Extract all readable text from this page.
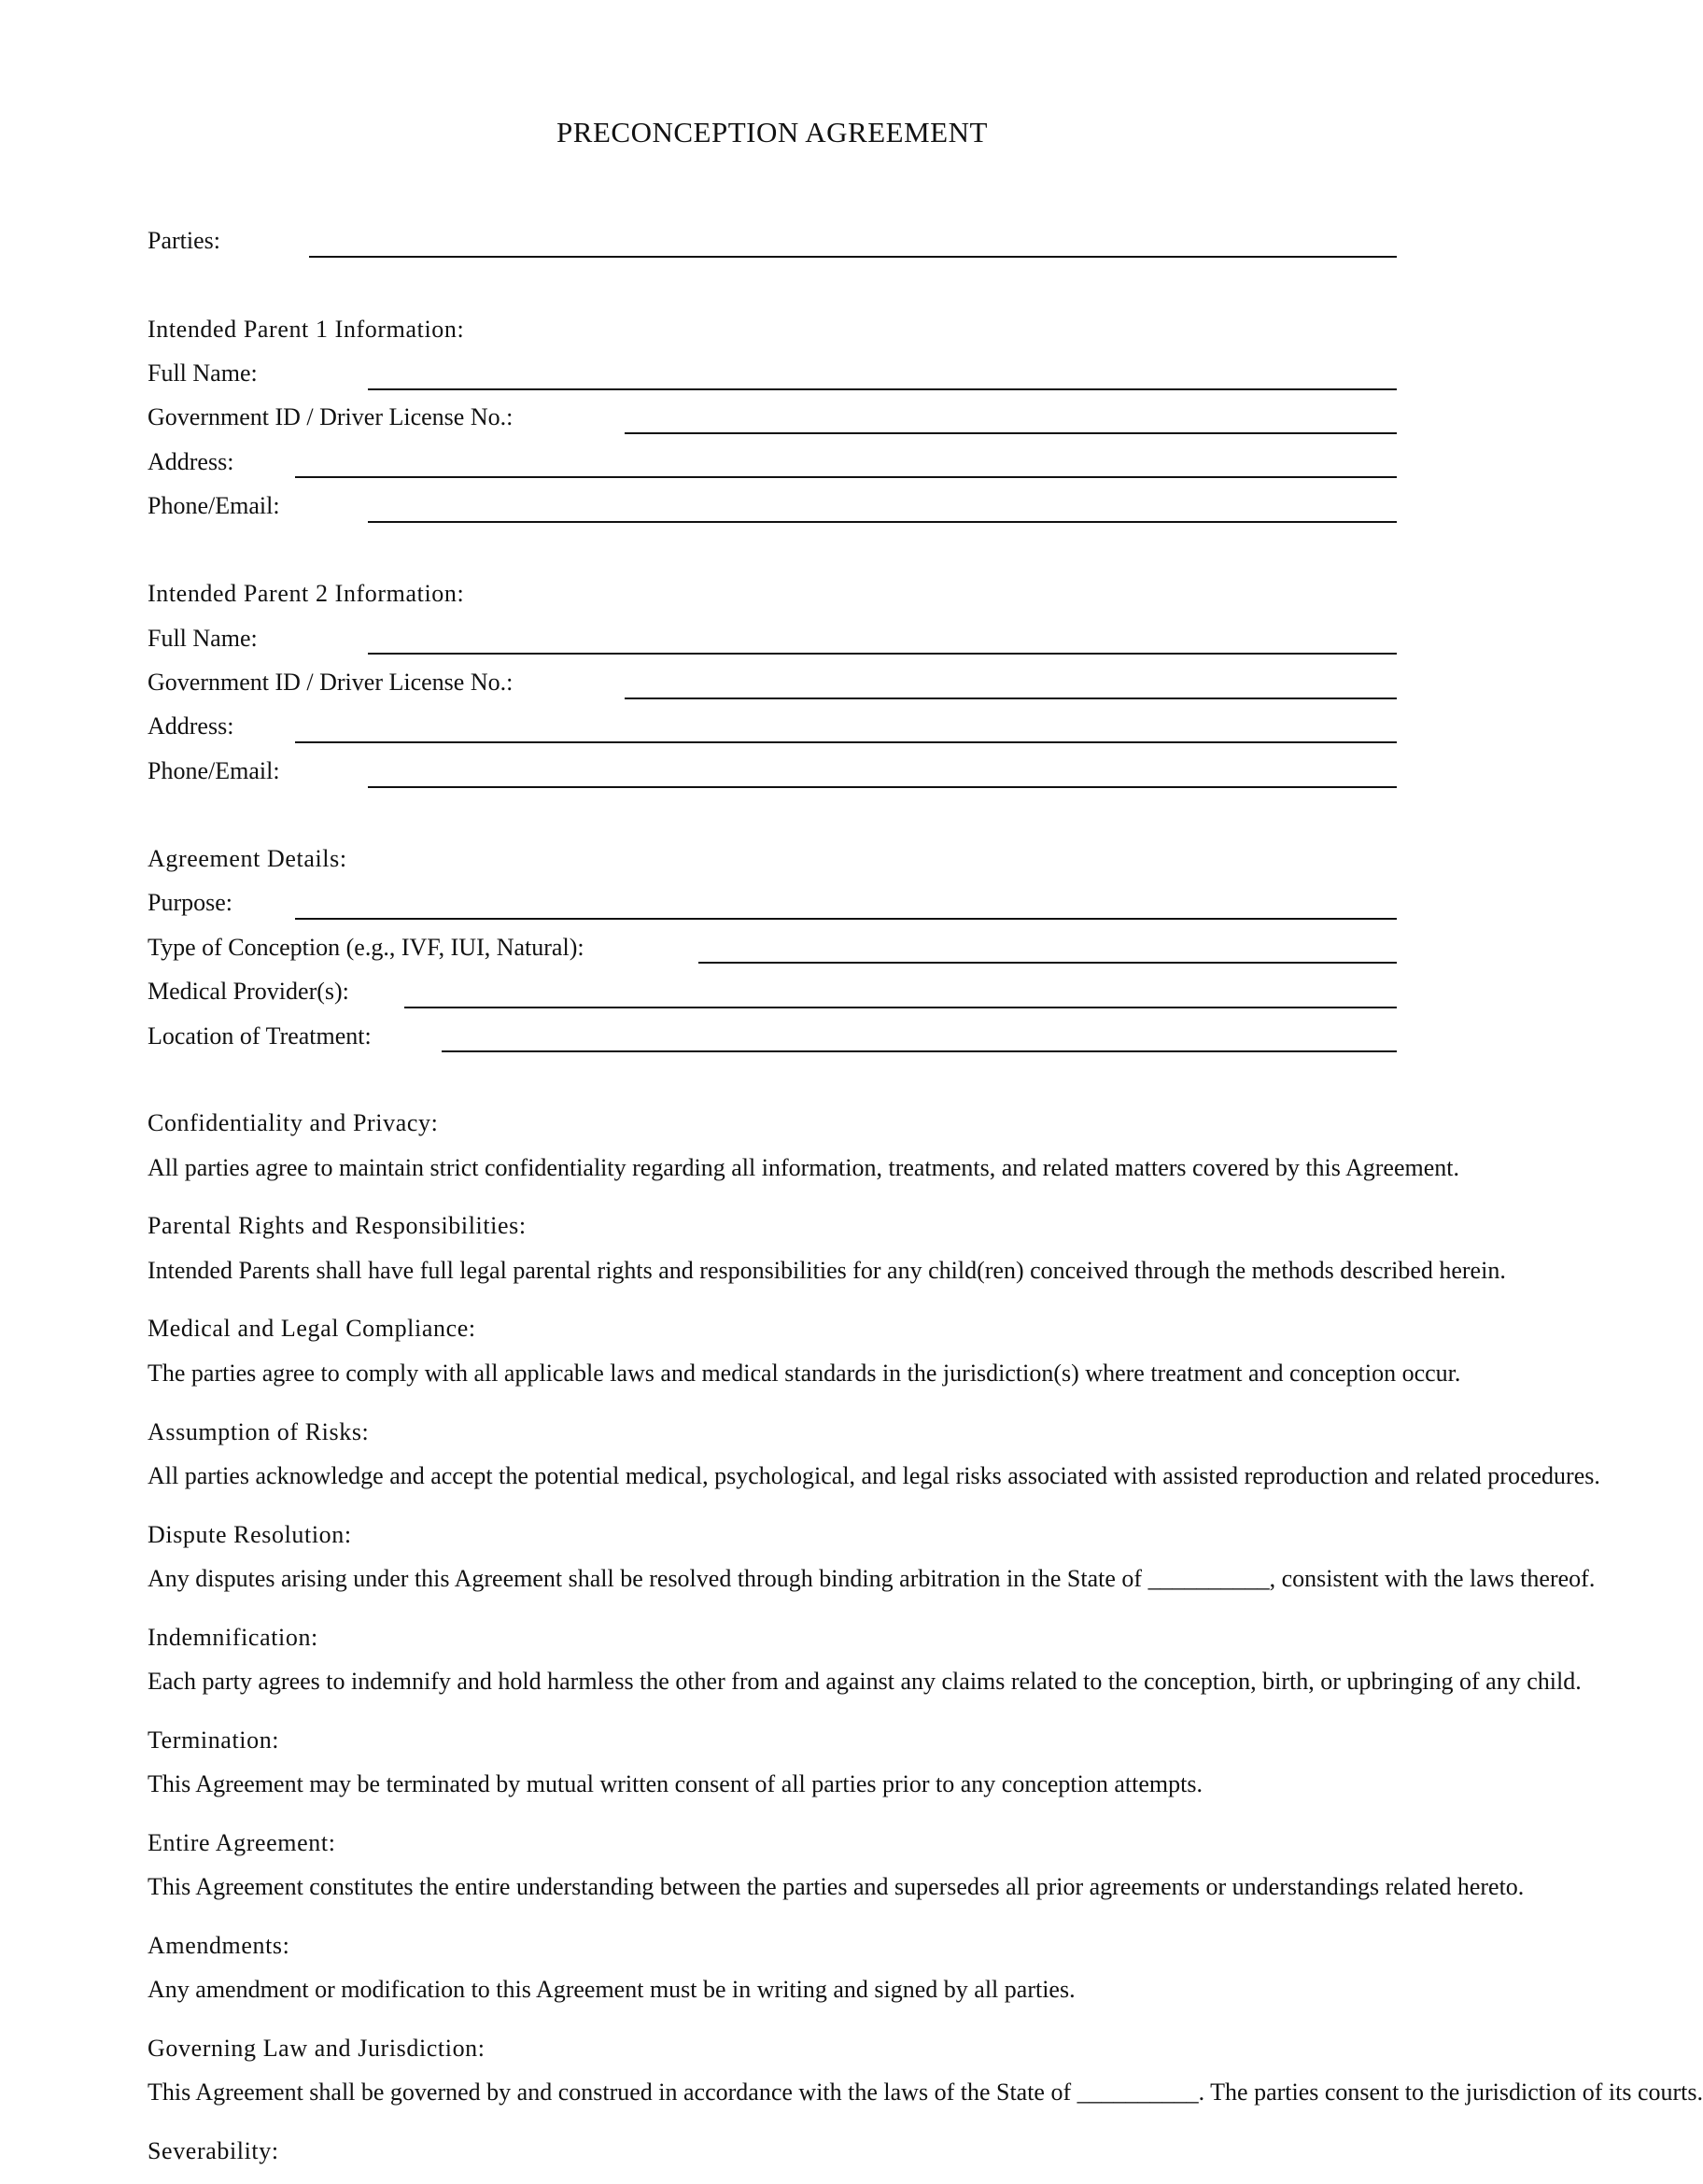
PRECONCEPTION AGREEMENT
Parties:
Intended Parent 1 Information:
Full Name:
Government ID / Driver License No.:
Address:
Phone/Email:
Intended Parent 2 Information:
Full Name:
Government ID / Driver License No.:
Address:
Phone/Email:
Agreement Details:
Purpose:
Type of Conception (e.g., IVF, IUI, Natural):
Medical Provider(s):
Location of Treatment:
Confidentiality and Privacy:
All parties agree to maintain strict confidentiality regarding all information, treatments, and related matters covered by this Agreement.
Parental Rights and Responsibilities:
Intended Parents shall have full legal parental rights and responsibilities for any child(ren) conceived through the methods described herein.
Medical and Legal Compliance:
The parties agree to comply with all applicable laws and medical standards in the jurisdiction(s) where treatment and conception occur.
Assumption of Risks:
All parties acknowledge and accept the potential medical, psychological, and legal risks associated with assisted reproduction and related procedures.
Dispute Resolution:
Any disputes arising under this Agreement shall be resolved through binding arbitration in the State of __________, consistent with the laws thereof.
Indemnification:
Each party agrees to indemnify and hold harmless the other from and against any claims related to the conception, birth, or upbringing of any child.
Termination:
This Agreement may be terminated by mutual written consent of all parties prior to any conception attempts.
Entire Agreement:
This Agreement constitutes the entire understanding between the parties and supersedes all prior agreements or understandings related hereto.
Amendments:
Any amendment or modification to this Agreement must be in writing and signed by all parties.
Governing Law and Jurisdiction:
This Agreement shall be governed by and construed in accordance with the laws of the State of __________. The parties consent to the jurisdiction of its courts.
Severability:
